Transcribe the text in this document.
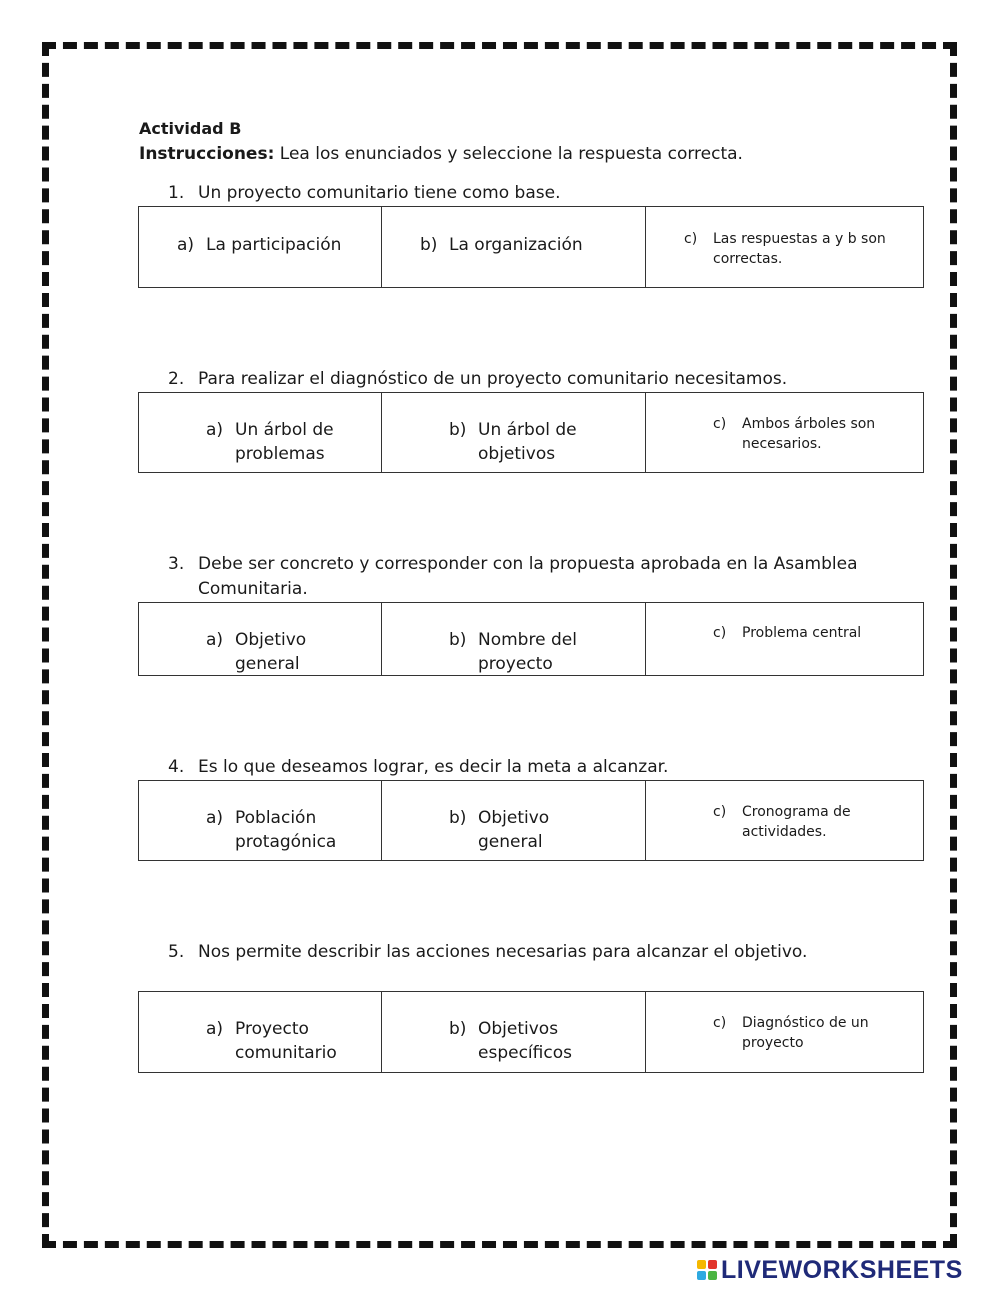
Actividad B
Instrucciones: Lea los enunciados y seleccione la respuesta correcta.
1. Un proyecto comunitario tiene como base.
a) La participación	b) La organización	c) Las respuestas a y b son correctas.
2. Para realizar el diagnóstico de un proyecto comunitario necesitamos.
a) Un árbol de problemas
b) Un árbol de objetivos
c) Ambos árboles son necesarios.
3. Debe ser concreto y corresponder con la propuesta aprobada en la Asamblea Comunitaria.
a) Objetivo general
b) Nombre del proyecto
c) Problema central
4. Es lo que deseamos lograr, es decir la meta a alcanzar.
a) Población protagónica
b) Objetivo general
c) Cronograma de actividades.
5. Nos permite describir las acciones necesarias para alcanzar el objetivo.
a) Proyecto comunitario
b) Objetivos específicos
c) Diagnóstico de un proyecto
LIVEWORKSHEETS
